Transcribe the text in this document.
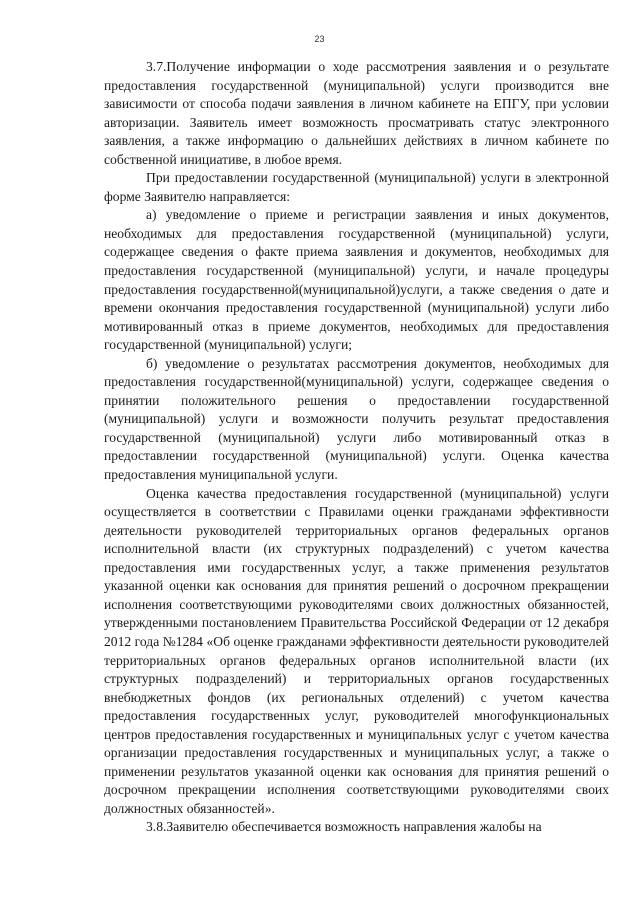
23

3.7.Получение информации о ходе рассмотрения заявления и о результате предоставления государственной (муниципальной) услуги производится вне зависимости от способа подачи заявления в личном кабинете на ЕПГУ, при условии авторизации. Заявитель имеет возможность просматривать статус электронного заявления, а также информацию о дальнейших действиях в личном кабинете по собственной инициативе, в любое время.

При предоставлении государственной (муниципальной) услуги в электронной форме Заявителю направляется:

а) уведомление о приеме и регистрации заявления и иных документов, необходимых для предоставления государственной (муниципальной) услуги, содержащее сведения о факте приема заявления и документов, необходимых для предоставления государственной (муниципальной) услуги, и начале процедуры предоставления государственной(муниципальной)услуги, а также сведения о дате и времени окончания предоставления государственной (муниципальной) услуги либо мотивированный отказ в приеме документов, необходимых для предоставления государственной (муниципальной) услуги;

б) уведомление о результатах рассмотрения документов, необходимых для предоставления государственной(муниципальной) услуги, содержащее сведения о принятии положительного решения о предоставлении государственной (муниципальной) услуги и возможности получить результат предоставления государственной (муниципальной) услуги либо мотивированный отказ в предоставлении государственной (муниципальной) услуги. Оценка качества предоставления муниципальной услуги.

Оценка качества предоставления государственной (муниципальной) услуги осуществляется в соответствии с Правилами оценки гражданами эффективности деятельности руководителей территориальных органов федеральных органов исполнительной власти (их структурных подразделений) с учетом качества предоставления ими государственных услуг, а также применения результатов указанной оценки как основания для принятия решений о досрочном прекращении исполнения соответствующими руководителями своих должностных обязанностей, утвержденными постановлением Правительства Российской Федерации от 12 декабря 2012 года №1284 «Об оценке гражданами эффективности деятельности руководителей территориальных органов федеральных органов исполнительной власти (их структурных подразделений) и территориальных органов государственных внебюджетных фондов (их региональных отделений) с учетом качества предоставления государственных услуг, руководителей многофункциональных центров предоставления государственных и муниципальных услуг с учетом качества организации предоставления государственных и муниципальных услуг, а также о применении результатов указанной оценки как основания для принятия решений о досрочном прекращении исполнения соответствующими руководителями своих должностных обязанностей».

3.8.Заявителю обеспечивается возможность направления жалобы на
